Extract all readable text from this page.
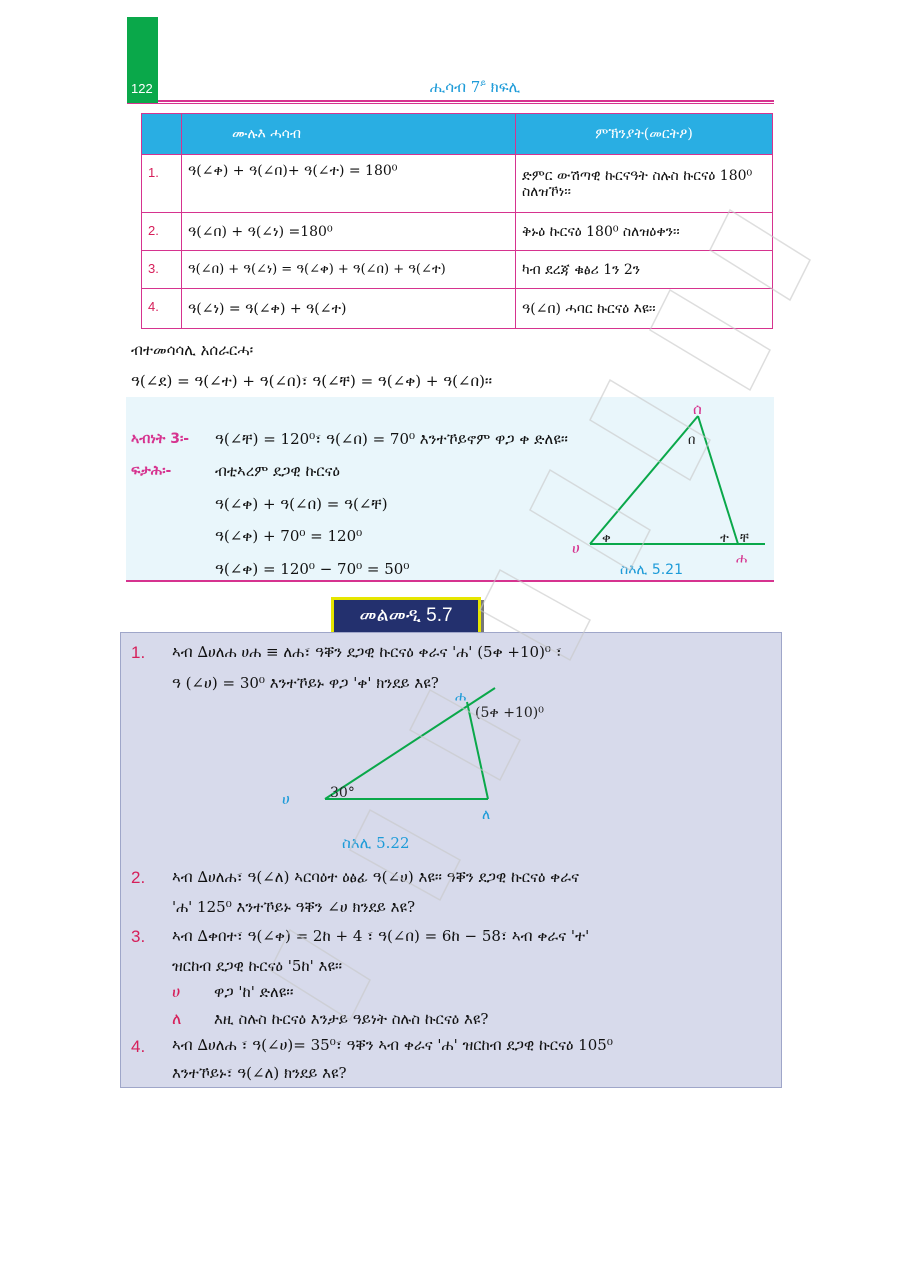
122	ሒሳብ $7^ይ$ ክፍሊ
	ሙሉእ ሓሳብ	ምኽንያት(መርትዖ)
1.	ዓ(∠ቀ) + ዓ(∠በ)+ ዓ(∠ተ) = 180⁰	ድምር ውሽጣዊ ኩርናዓት ስሉስ ኩርናዕ 180⁰ ስለዝኾነ፡፡
2.	ዓ(∠በ) + ዓ(∠ነ) =180⁰	ቅኑዕ ኩርናዕ 180⁰ ስለዝዕቀን፡፡
3.	ዓ(∠በ) + ዓ(∠ነ) = ዓ(∠ቀ) + ዓ(∠በ) + ዓ(∠ተ)	ካብ ደረጃ ቁፅሪ 1ን 2ን
4.	ዓ(∠ነ) = ዓ(∠ቀ) + ዓ(∠ተ)	ዓ(∠በ) ሓባር ኩርናዕ እዩ፡፡
ብተመሳሳሊ አሰራርሓ፡
ዓ(∠ደ) = ዓ(∠ተ) + ዓ(∠በ)፣ ዓ(∠ቸ) = ዓ(∠ቀ) + ዓ(∠በ)፡፡
ኣብነት 3፡- ዓ(∠ቸ) = 120⁰፣ ዓ(∠በ) = 70⁰ እንተኾይኖም ዋጋ ቀ ድለዩ፡፡
ፍታሕ፡-	ብቲኣረም ደጋዊ ኩርናዕ
ዓ(∠ቀ) + ዓ(∠በ) = ዓ(∠ቸ)
ዓ(∠ቀ) + 70⁰ = 120⁰
ዓ(∠ቀ) = 120⁰ − 70⁰ = 50⁰
ሰ
በ
ሀ
ቀ	ተ ቸ
ሐ
ስእሊ 5.21
መልመዲ 5.7
1. ኣብ ∆ሀለሐ ሀሐ ≡ ለሐ፣ ዓቐን ደጋዊ ኩርናዕ ቀራና 'ሐ' (5ቀ +10)⁰ ፣
ዓ (∠ሀ) = 30⁰ እንተኾይኑ ዋጋ 'ቀ' ክንደይ እዩ?
ሐ
(5ቀ +10)⁰
ሀ	30°
ለ
ስእሊ 5.22
2. ኣብ ∆ሀለሐ፣ ዓ(∠ለ) ኣርባዕተ ዕፅፊ ዓ(∠ሀ) እዩ፡፡ ዓቐን ደጋዊ ኩርናዕ ቀራና
'ሐ' 125⁰ እንተኾይኑ ዓቐን ∠ሀ ክንደይ እዩ?
3. ኣብ ∆ቀበተ፣ ዓ(∠ቀ) = 2ከ + 4 ፣ ዓ(∠በ) = 6ከ − 58፣ ኣብ ቀራና 'ተ'
ዝርከብ ደጋዊ ኩርናዕ '5ከ' እዩ፡፡
ሀ ዋጋ 'ከ' ድለዩ፡፡
ለ እዚ ስሉስ ኩርናዕ እንታይ ዓይነት ስሉስ ኩርናዕ እዩ?
4. ኣብ ∆ሀለሐ ፣ ዓ(∠ሀ)= 35⁰፣ ዓቐን ኣብ ቀራና 'ሐ' ዝርከብ ደጋዊ ኩርናዕ 105⁰
እንተኾይኑ፣ ዓ(∠ለ) ክንደይ እዩ?
